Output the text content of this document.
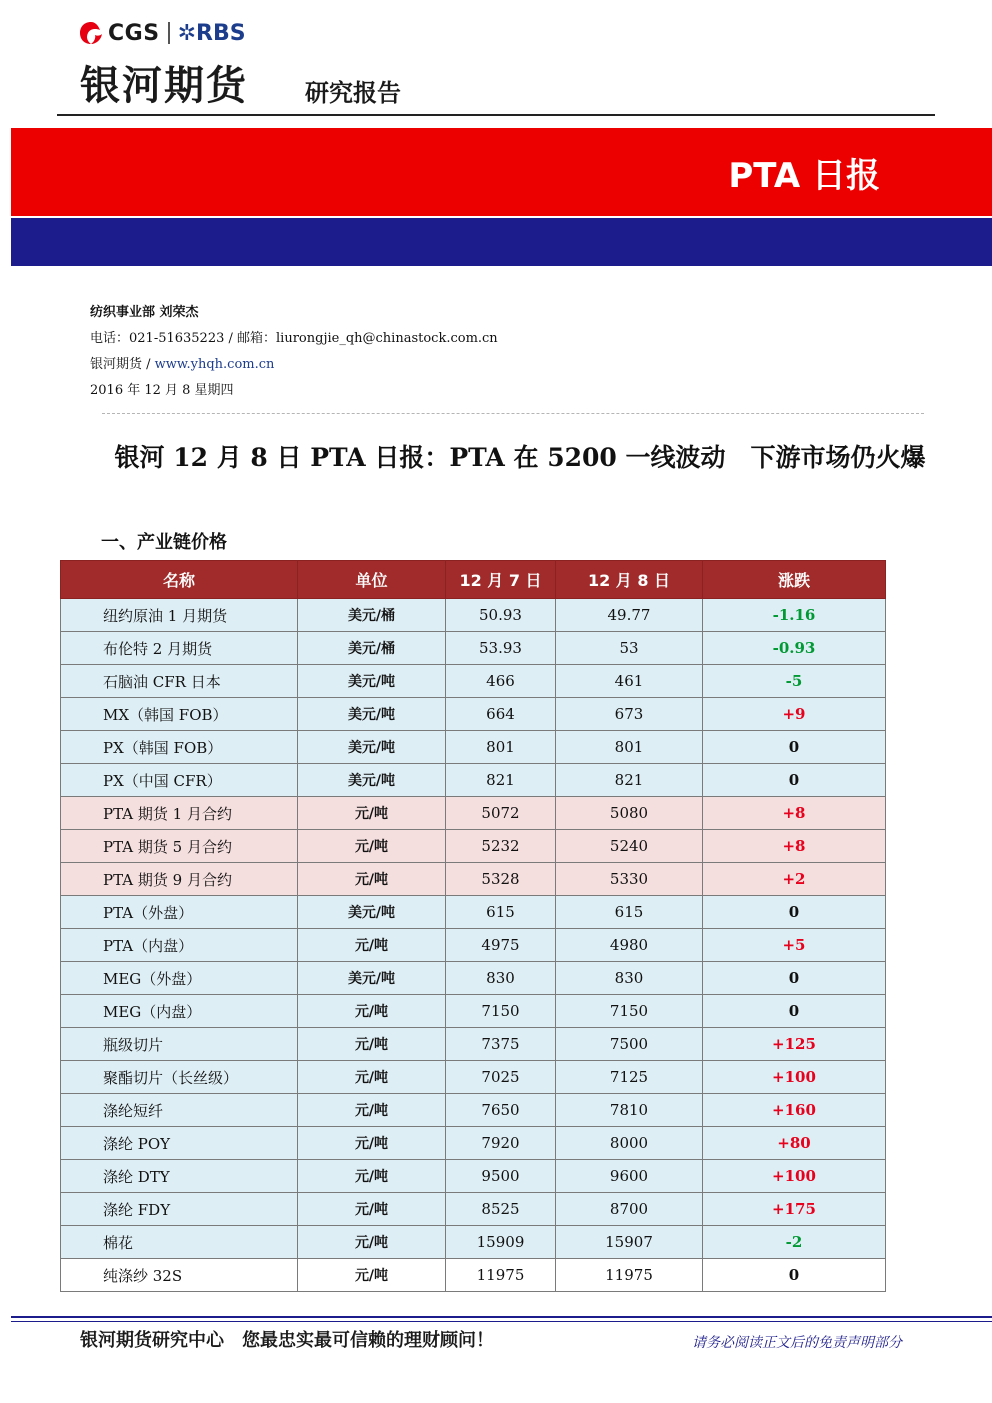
CGS ✲ RBS
银河期货 研究报告
PTA 日报
纺织事业部 刘荣杰
电话：021-51635223 / 邮箱：liurongjie_qh@chinastock.com.cn
银河期货 / www.yhqh.com.cn
2016 年 12 月 8 星期四
银河 12 月 8 日 PTA 日报：PTA 在 5200 一线波动　下游市场仍火爆
一、产业链价格
名称	单位	12 月 7 日	12 月 8 日	涨跌
纽约原油 1 月期货	美元/桶	50.93	49.77	-1.16
布伦特 2 月期货	美元/桶	53.93	53	-0.93
石脑油 CFR 日本	美元/吨	466	461	-5
MX（韩国 FOB）	美元/吨	664	673	+9
PX（韩国 FOB）	美元/吨	801	801	0
PX（中国 CFR）	美元/吨	821	821	0
PTA 期货 1 月合约	元/吨	5072	5080	+8
PTA 期货 5 月合约	元/吨	5232	5240	+8
PTA 期货 9 月合约	元/吨	5328	5330	+2
PTA（外盘）	美元/吨	615	615	0
PTA（内盘）	元/吨	4975	4980	+5
MEG（外盘）	美元/吨	830	830	0
MEG（内盘）	元/吨	7150	7150	0
瓶级切片	元/吨	7375	7500	+125
聚酯切片（长丝级）	元/吨	7025	7125	+100
涤纶短纤	元/吨	7650	7810	+160
涤纶 POY	元/吨	7920	8000	+80
涤纶 DTY	元/吨	9500	9600	+100
涤纶 FDY	元/吨	8525	8700	+175
棉花	元/吨	15909	15907	-2
纯涤纱 32S	元/吨	11975	11975	0
银河期货研究中心　您最忠实最可信赖的理财顾问！	请务必阅读正文后的免责声明部分
